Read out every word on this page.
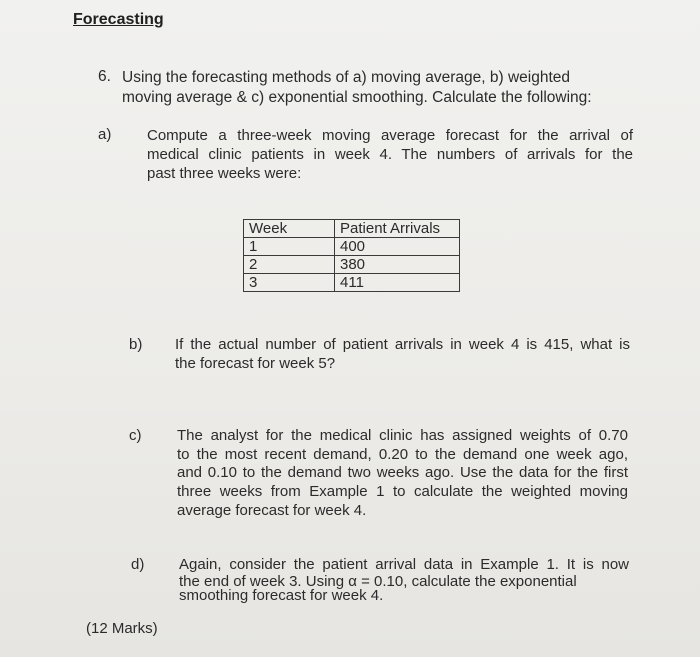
Forecasting
6. Using the forecasting methods of a) moving average, b) weighted
moving average & c) exponential smoothing. Calculate the following:
a) Compute a three-week moving average forecast for the arrival of
medical clinic patients in week 4. The numbers of arrivals for the
past three weeks were:
Week	Patient Arrivals
1	400
2	380
3	411
b) If the actual number of patient arrivals in week 4 is 415, what is
the forecast for week 5?
c) The analyst for the medical clinic has assigned weights of 0.70
to the most recent demand, 0.20 to the demand one week ago,
and 0.10 to the demand two weeks ago. Use the data for the first
three weeks from Example 1 to calculate the weighted moving
average forecast for week 4.
d) Again, consider the patient arrival data in Example 1. It is now
the end of week 3. Using α = 0.10, calculate the exponential
smoothing forecast for week 4.
(12 Marks)
